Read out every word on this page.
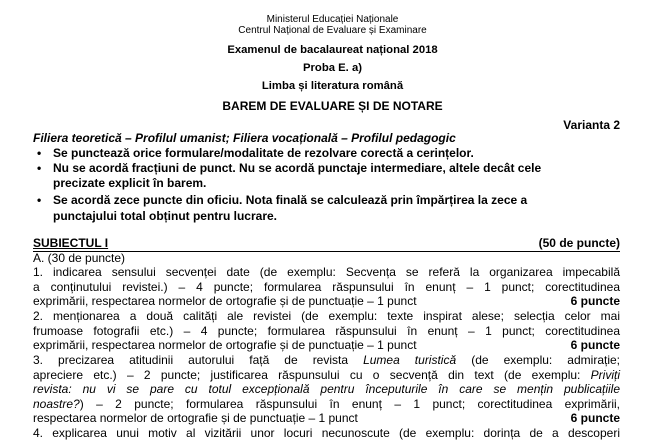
Ministerul Educației Naționale
Centrul Național de Evaluare și Examinare
Examenul de bacalaureat național 2018
Proba E. a)
Limba și literatura română
BAREM DE EVALUARE ȘI DE NOTARE
Varianta 2
Filiera teoretică – Profilul umanist; Filiera vocațională – Profilul pedagogic
• Se punctează orice formulare/modalitate de rezolvare corectă a cerințelor.
• Nu se acordă fracțiuni de punct. Nu se acordă punctaje intermediare, altele decât cele
precizate explicit în barem.
• Se acordă zece puncte din oficiu. Nota finală se calculează prin împărțirea la zece a
punctajului total obținut pentru lucrare.
SUBIECTUL I	(50 de puncte)
A. (30 de puncte)
1. indicarea sensului secvenței date (de exemplu: Secvența se referă la organizarea impecabilă
a conținutului revistei.) – 4 puncte; formularea răspunsului în enunț – 1 punct; corectitudinea
exprimării, respectarea normelor de ortografie și de punctuație – 1 punct	6 puncte
2. menționarea a două calități ale revistei (de exemplu: texte inspirat alese; selecția celor mai
frumoase fotografii etc.) – 4 puncte; formularea răspunsului în enunț – 1 punct; corectitudinea
exprimării, respectarea normelor de ortografie și de punctuație – 1 punct	6 puncte
3. precizarea atitudinii autorului față de revista Lumea turistică (de exemplu: admirație;
apreciere etc.) – 2 puncte; justificarea răspunsului cu o secvență din text (de exemplu: Priviți
revista: nu vi se pare cu totul excepțională pentru începuturile în care se mențin publicațiile
noastre?) – 2 puncte; formularea răspunsului în enunț – 1 punct; corectitudinea exprimării,
respectarea normelor de ortografie și de punctuație – 1 punct	6 puncte
4. explicarea unui motiv al vizitării unor locuri necunoscute (de exemplu: dorința de a descoperi
